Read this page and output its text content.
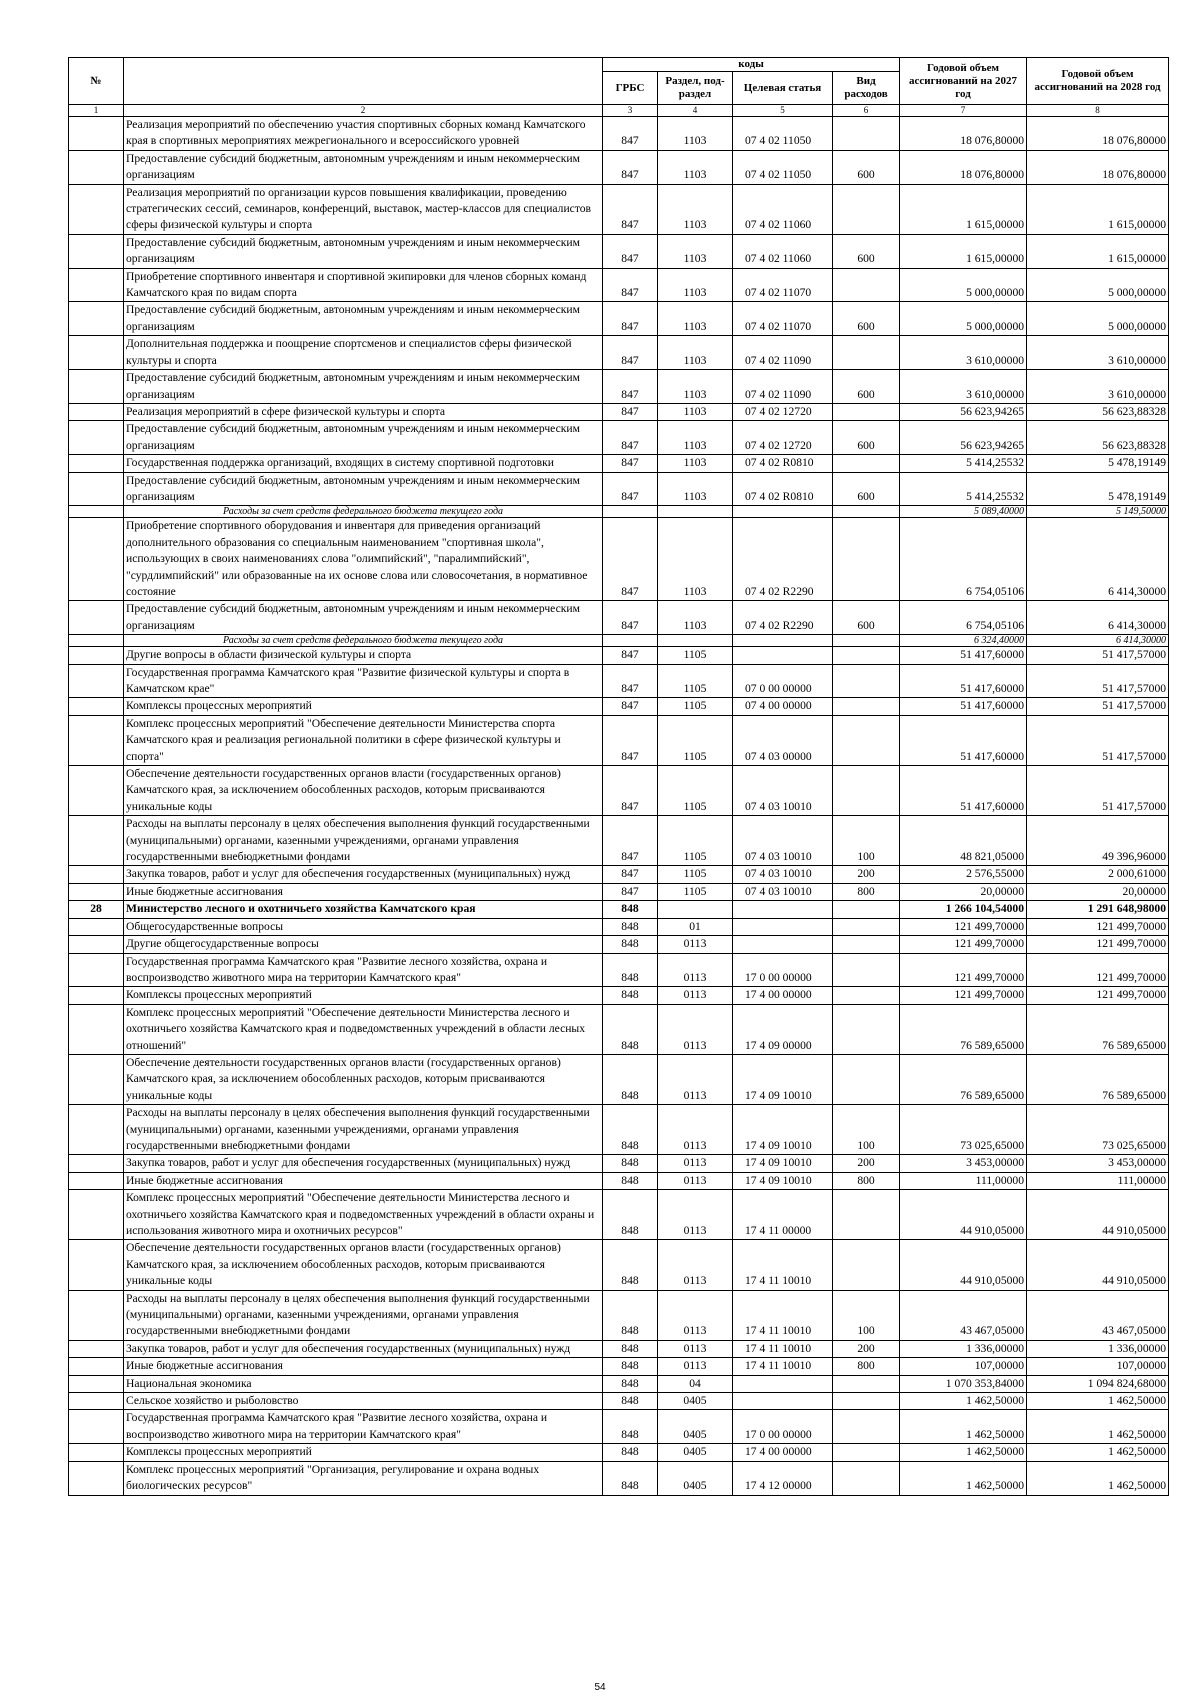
№		коды				Годовой объем ассигнований на 2027 год	Годовой объем ассигнований на 2028 год
		ГРБС	Раздел, под-раздел	Целевая статья	Вид расходов		
1	2	3	4	5	6	7	8
	Реализация мероприятий по обеспечению участия спортивных сборных команд Камчатского края в спортивных мероприятиях межрегионального и всероссийского уровней	847	1103	07 4 02 11050		18 076,80000	18 076,80000
	Предоставление субсидий бюджетным, автономным учреждениям и иным некоммерческим организациям	847	1103	07 4 02 11050	600	18 076,80000	18 076,80000
	Реализация мероприятий по организации курсов повышения квалификации, проведению стратегических сессий, семинаров, конференций, выставок, мастер-классов для специалистов сферы физической культуры и спорта	847	1103	07 4 02 11060		1 615,00000	1 615,00000
	Предоставление субсидий бюджетным, автономным учреждениям и иным некоммерческим организациям	847	1103	07 4 02 11060	600	1 615,00000	1 615,00000
	Приобретение спортивного инвентаря и спортивной экипировки для членов сборных команд Камчатского края по видам спорта	847	1103	07 4 02 11070		5 000,00000	5 000,00000
	Предоставление субсидий бюджетным, автономным учреждениям и иным некоммерческим организациям	847	1103	07 4 02 11070	600	5 000,00000	5 000,00000
	Дополнительная поддержка и поощрение спортсменов и специалистов сферы физической культуры и спорта	847	1103	07 4 02 11090		3 610,00000	3 610,00000
	Предоставление субсидий бюджетным, автономным учреждениям и иным некоммерческим организациям	847	1103	07 4 02 11090	600	3 610,00000	3 610,00000
	Реализация мероприятий в сфере физической культуры и спорта	847	1103	07 4 02 12720		56 623,94265	56 623,88328
	Предоставление субсидий бюджетным, автономным учреждениям и иным некоммерческим организациям	847	1103	07 4 02 12720	600	56 623,94265	56 623,88328
	Государственная поддержка организаций, входящих в систему спортивной подготовки	847	1103	07 4 02 R0810		5 414,25532	5 478,19149
	Предоставление субсидий бюджетным, автономным учреждениям и иным некоммерческим организациям	847	1103	07 4 02 R0810	600	5 414,25532	5 478,19149
	Расходы за счет средств федерального бюджета текущего года					5 089,40000	5 149,50000
	Приобретение спортивного оборудования и инвентаря для приведения организаций дополнительного образования со специальным наименованием "спортивная школа", использующих в своих наименованиях слова "олимпийский", "паралимпийский", "сурдлимпийский" или образованные на их основе слова или словосочетания, в нормативное состояние	847	1103	07 4 02 R2290		6 754,05106	6 414,30000
	Предоставление субсидий бюджетным, автономным учреждениям и иным некоммерческим организациям	847	1103	07 4 02 R2290	600	6 754,05106	6 414,30000
	Расходы за счет средств федерального бюджета текущего года					6 324,40000	6 414,30000
	Другие вопросы в области физической культуры и спорта	847	1105			51 417,60000	51 417,57000
	Государственная программа Камчатского края "Развитие физической культуры и спорта в Камчатском крае"	847	1105	07 0 00 00000		51 417,60000	51 417,57000
	Комплексы процессных мероприятий	847	1105	07 4 00 00000		51 417,60000	51 417,57000
	Комплекс процессных мероприятий "Обеспечение деятельности Министерства спорта Камчатского края и реализация региональной политики в сфере физической культуры и спорта"	847	1105	07 4 03 00000		51 417,60000	51 417,57000
	Обеспечение деятельности государственных органов власти (государственных органов) Камчатского края, за исключением обособленных расходов, которым присваиваются уникальные коды	847	1105	07 4 03 10010		51 417,60000	51 417,57000
	Расходы на выплаты персоналу в целях обеспечения выполнения функций государственными (муниципальными) органами, казенными учреждениями, органами управления государственными внебюджетными фондами	847	1105	07 4 03 10010	100	48 821,05000	49 396,96000
	Закупка товаров, работ и услуг для обеспечения государственных (муниципальных) нужд	847	1105	07 4 03 10010	200	2 576,55000	2 000,61000
	Иные бюджетные ассигнования	847	1105	07 4 03 10010	800	20,00000	20,00000
28	Министерство лесного и охотничьего хозяйства Камчатского края	848				1 266 104,54000	1 291 648,98000
	Общегосударственные вопросы	848	01			121 499,70000	121 499,70000
	Другие общегосударственные вопросы	848	0113			121 499,70000	121 499,70000
	Государственная программа Камчатского края "Развитие лесного хозяйства, охрана и воспроизводство животного мира на территории Камчатского края"	848	0113	17 0 00 00000		121 499,70000	121 499,70000
	Комплексы процессных мероприятий	848	0113	17 4 00 00000		121 499,70000	121 499,70000
	Комплекс процессных мероприятий "Обеспечение деятельности Министерства лесного и охотничьего хозяйства Камчатского края и подведомственных учреждений в области лесных отношений"	848	0113	17 4 09 00000		76 589,65000	76 589,65000
	Обеспечение деятельности государственных органов власти (государственных органов) Камчатского края, за исключением обособленных расходов, которым присваиваются уникальные коды	848	0113	17 4 09 10010		76 589,65000	76 589,65000
	Расходы на выплаты персоналу в целях обеспечения выполнения функций государственными (муниципальными) органами, казенными учреждениями, органами управления государственными внебюджетными фондами	848	0113	17 4 09 10010	100	73 025,65000	73 025,65000
	Закупка товаров, работ и услуг для обеспечения государственных (муниципальных) нужд	848	0113	17 4 09 10010	200	3 453,00000	3 453,00000
	Иные бюджетные ассигнования	848	0113	17 4 09 10010	800	111,00000	111,00000
	Комплекс процессных мероприятий "Обеспечение деятельности Министерства лесного и охотничьего хозяйства Камчатского края и подведомственных учреждений в области охраны и использования животного мира и охотничьих ресурсов"	848	0113	17 4 11 00000		44 910,05000	44 910,05000
	Обеспечение деятельности государственных органов власти (государственных органов) Камчатского края, за исключением обособленных расходов, которым присваиваются уникальные коды	848	0113	17 4 11 10010		44 910,05000	44 910,05000
	Расходы на выплаты персоналу в целях обеспечения выполнения функций государственными (муниципальными) органами, казенными учреждениями, органами управления государственными внебюджетными фондами	848	0113	17 4 11 10010	100	43 467,05000	43 467,05000
	Закупка товаров, работ и услуг для обеспечения государственных (муниципальных) нужд	848	0113	17 4 11 10010	200	1 336,00000	1 336,00000
	Иные бюджетные ассигнования	848	0113	17 4 11 10010	800	107,00000	107,00000
	Национальная экономика	848	04			1 070 353,84000	1 094 824,68000
	Сельское хозяйство и рыболовство	848	0405			1 462,50000	1 462,50000
	Государственная программа Камчатского края "Развитие лесного хозяйства, охрана и воспроизводство животного мира на территории Камчатского края"	848	0405	17 0 00 00000		1 462,50000	1 462,50000
	Комплексы процессных мероприятий	848	0405	17 4 00 00000		1 462,50000	1 462,50000
	Комплекс процессных мероприятий "Организация, регулирование и охрана водных биологических ресурсов"	848	0405	17 4 12 00000		1 462,50000	1 462,50000
54
